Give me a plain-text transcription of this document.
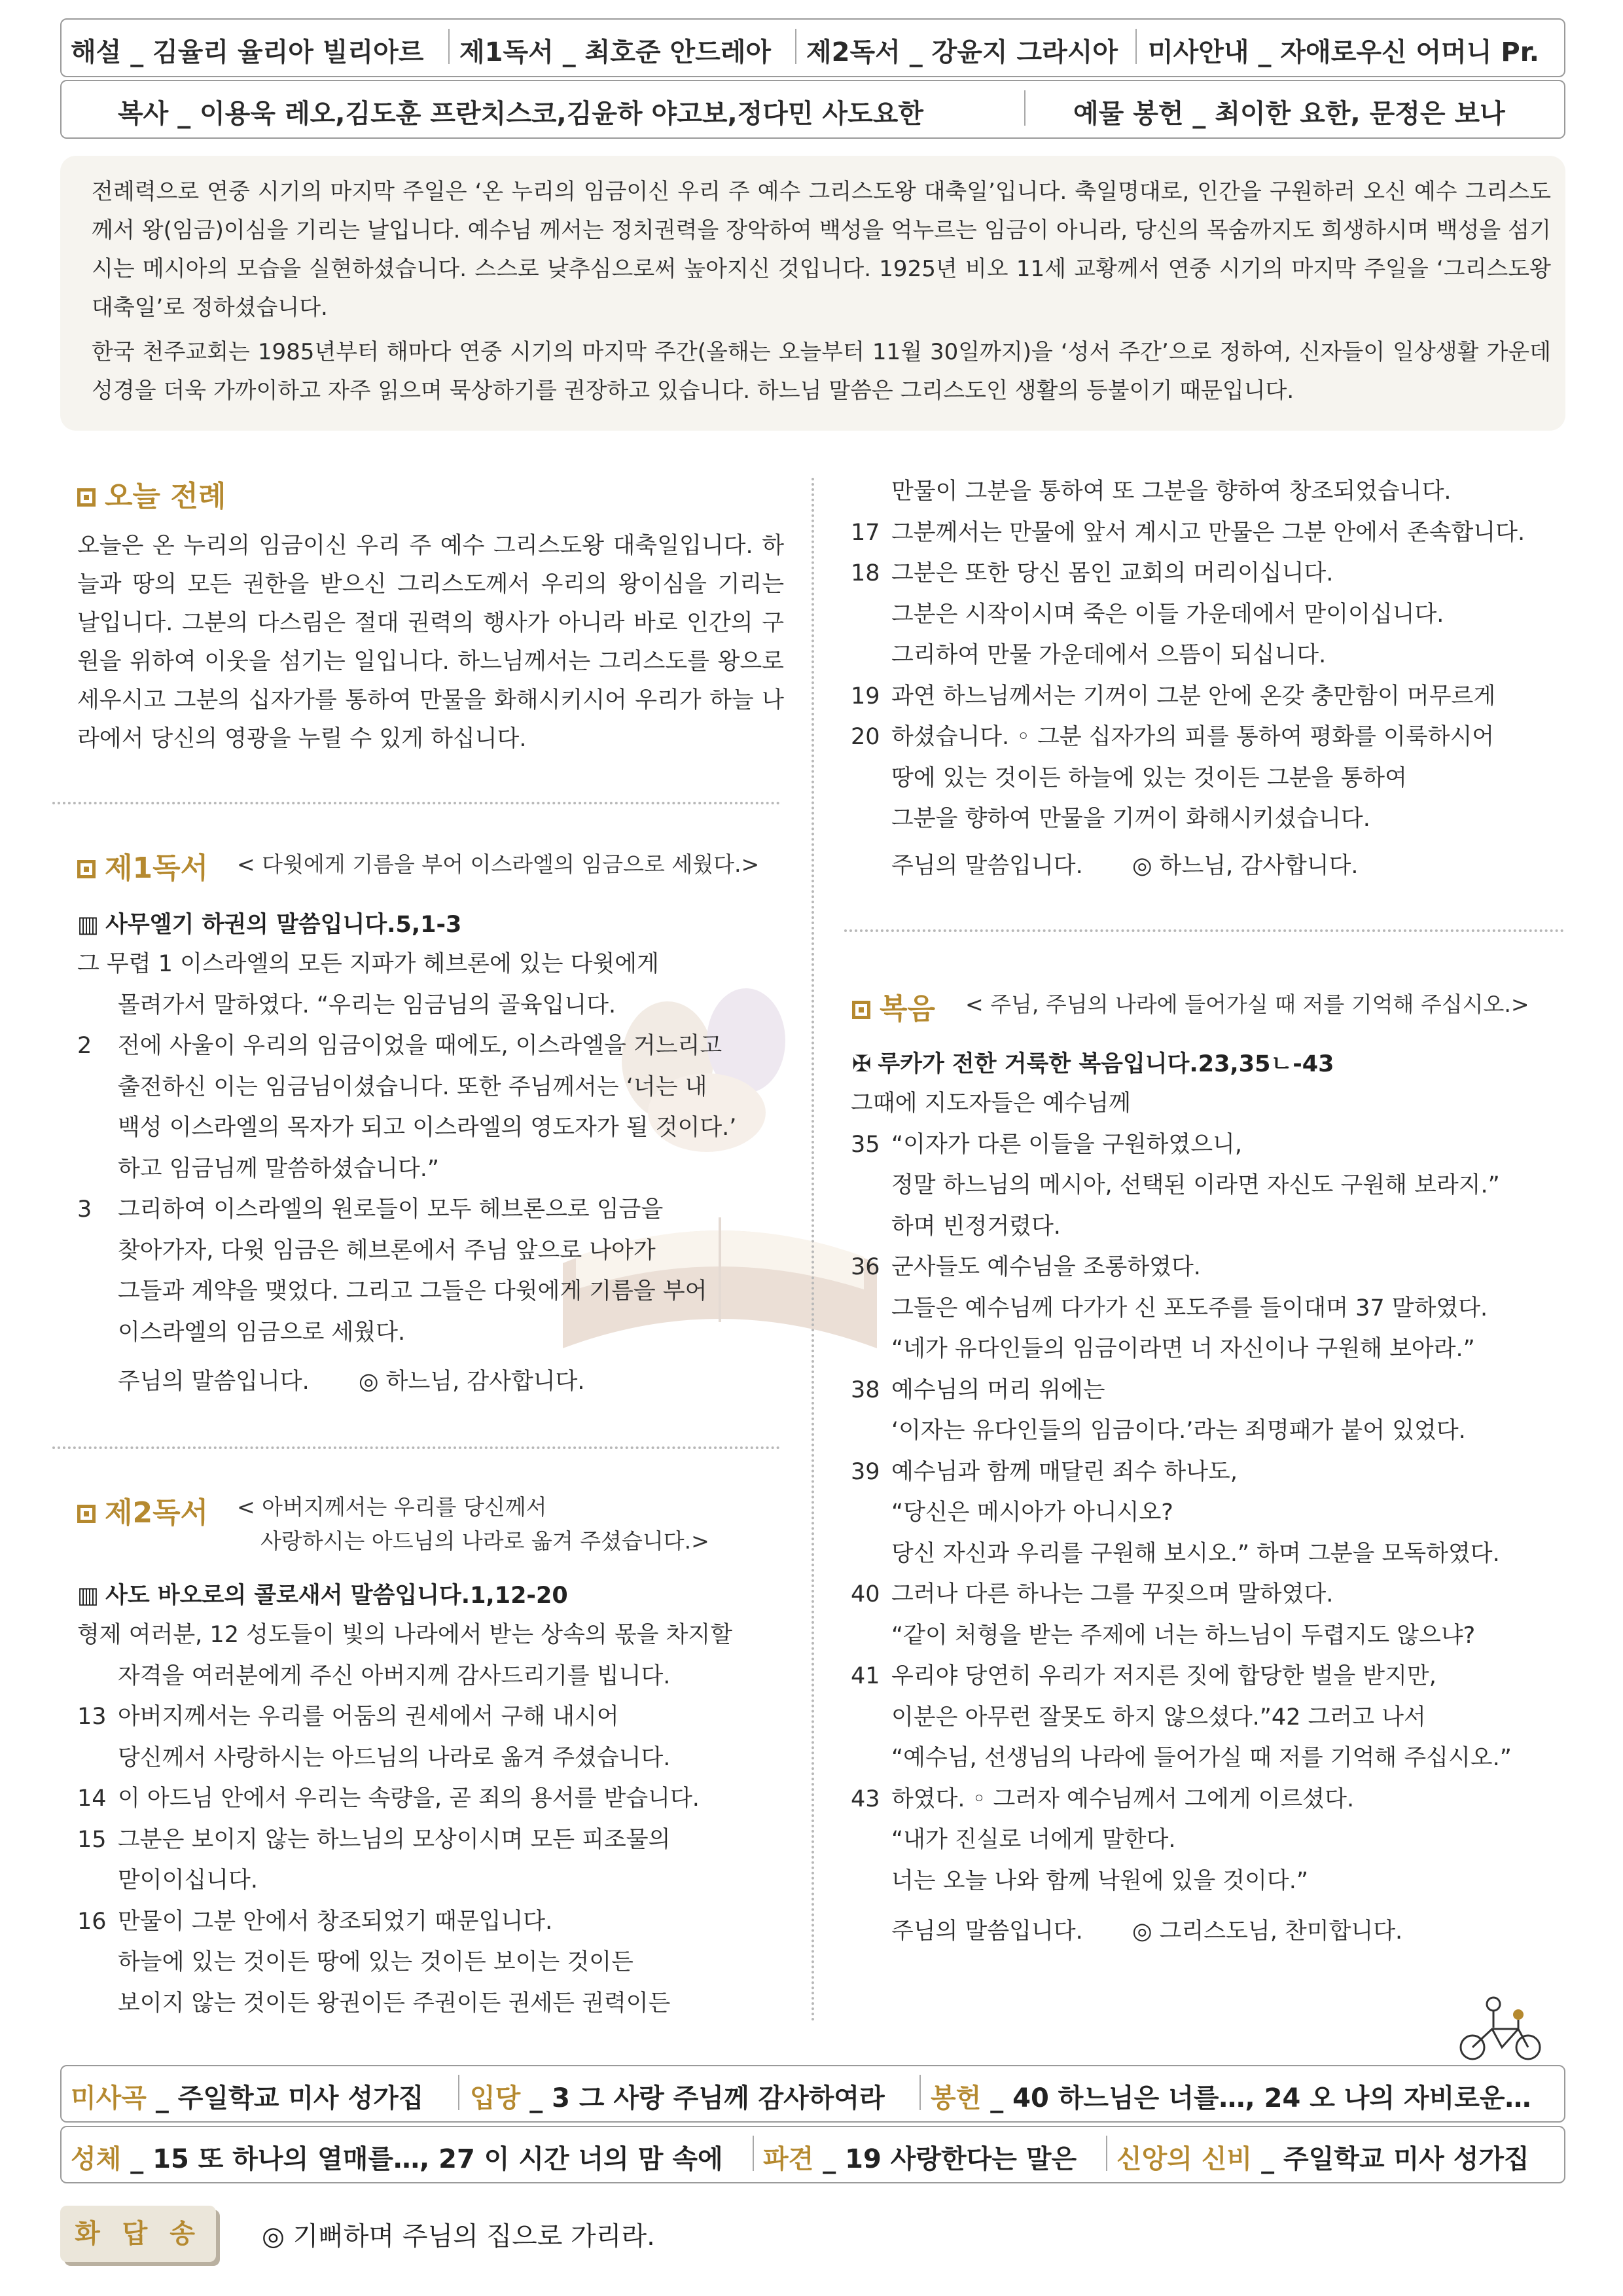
해설 _ 김율리 율리아 빌리아르 제1독서 _ 최호준 안드레아 제2독서 _ 강윤지 그라시아 미사안내 _ 자애로우신 어머니 Pr.
복사 _ 이용욱 레오,김도훈 프란치스코,김윤하 야고보,정다민 사도요한	예물 봉헌 _ 최이한 요한, 문정은 보나
전례력으로 연중 시기의 마지막 주일은 ‘온 누리의 임금이신 우리 주 예수 그리스도왕 대축일’입니다. 축일명대로, 인간을 구원하러 오신 예수 그리스도께서 왕(임금)이심을 기리는 날입니다. 예수님 께서는 정치권력을 장악하여 백성을 억누르는 임금이 아니라, 당신의 목숨까지도 희생하시며 백성을 섬기시는 메시아의 모습을 실현하셨습니다. 스스로 낮추심으로써 높아지신 것입니다. 1925년 비오 11세 교황께서 연중 시기의 마지막 주일을 ‘그리스도왕 대축일’로 정하셨습니다.
한국 천주교회는 1985년부터 해마다 연중 시기의 마지막 주간(올해는 오늘부터 11월 30일까지)을 ‘성서 주간’으로 정하여, 신자들이 일상생활 가운데 성경을 더욱 가까이하고 자주 읽으며 묵상하기를 권장하고 있습니다. 하느님 말씀은 그리스도인 생활의 등불이기 때문입니다.
오늘 전례
오늘은 온 누리의 임금이신 우리 주 예수 그리스도왕 대축일입니다. 하늘과 땅의 모든 권한을 받으신 그리스도께서 우리의 왕이심을 기리는 날입니다. 그분의 다스림은 절대 권력의 행사가 아니라 바로 인간의 구원을 위하여 이웃을 섬기는 일입니다. 하느님께서는 그리스도를 왕으로 세우시고 그분의 십자가를 통하여 만물을 화해시키시어 우리가 하늘 나라에서 당신의 영광을 누릴 수 있게 하십니다.
제1독서 < 다윗에게 기름을 부어 이스라엘의 임금으로 세웠다.>
▥ 사무엘기 하권의 말씀입니다.5,1-3
그 무렵 1 이스라엘의 모든 지파가 헤브론에 있는 다윗에게
몰려가서 말하였다. “우리는 임금님의 골육입니다.
2 전에 사울이 우리의 임금이었을 때에도, 이스라엘을 거느리고
출전하신 이는 임금님이셨습니다. 또한 주님께서는 ‘너는 내
백성 이스라엘의 목자가 되고 이스라엘의 영도자가 될 것이다.’
하고 임금님께 말씀하셨습니다.”
3 그리하여 이스라엘의 원로들이 모두 헤브론으로 임금을
찾아가자, 다윗 임금은 헤브론에서 주님 앞으로 나아가
그들과 계약을 맺었다. 그리고 그들은 다윗에게 기름을 부어
이스라엘의 임금으로 세웠다.
주님의 말씀입니다. ◎ 하느님, 감사합니다.
제2독서 < 아버지께서는 우리를 당신께서
사랑하시는 아드님의 나라로 옮겨 주셨습니다.>
▥ 사도 바오로의 콜로새서 말씀입니다.1,12-20
형제 여러분, 12 성도들이 빛의 나라에서 받는 상속의 몫을 차지할
자격을 여러분에게 주신 아버지께 감사드리기를 빕니다.
13 아버지께서는 우리를 어둠의 권세에서 구해 내시어
당신께서 사랑하시는 아드님의 나라로 옮겨 주셨습니다.
14 이 아드님 안에서 우리는 속량을, 곧 죄의 용서를 받습니다.
15 그분은 보이지 않는 하느님의 모상이시며 모든 피조물의
맏이이십니다.
16 만물이 그분 안에서 창조되었기 때문입니다.
하늘에 있는 것이든 땅에 있는 것이든 보이는 것이든
보이지 않는 것이든 왕권이든 주권이든 권세든 권력이든
만물이 그분을 통하여 또 그분을 향하여 창조되었습니다.
17 그분께서는 만물에 앞서 계시고 만물은 그분 안에서 존속합니다.
18 그분은 또한 당신 몸인 교회의 머리이십니다.
그분은 시작이시며 죽은 이들 가운데에서 맏이이십니다.
그리하여 만물 가운데에서 으뜸이 되십니다.
19 과연 하느님께서는 기꺼이 그분 안에 온갖 충만함이 머무르게
20 하셨습니다. ◦ 그분 십자가의 피를 통하여 평화를 이룩하시어
땅에 있는 것이든 하늘에 있는 것이든 그분을 통하여
그분을 향하여 만물을 기꺼이 화해시키셨습니다.
주님의 말씀입니다. ◎ 하느님, 감사합니다.
복음 < 주님, 주님의 나라에 들어가실 때 저를 기억해 주십시오.>
✠ 루카가 전한 거룩한 복음입니다.23,35ㄴ-43
그때에 지도자들은 예수님께
35 “이자가 다른 이들을 구원하였으니,
정말 하느님의 메시아, 선택된 이라면 자신도 구원해 보라지.”
하며 빈정거렸다.
36 군사들도 예수님을 조롱하였다.
그들은 예수님께 다가가 신 포도주를 들이대며 37 말하였다.
“네가 유다인들의 임금이라면 너 자신이나 구원해 보아라.”
38 예수님의 머리 위에는
‘이자는 유다인들의 임금이다.’라는 죄명패가 붙어 있었다.
39 예수님과 함께 매달린 죄수 하나도,
“당신은 메시아가 아니시오?
당신 자신과 우리를 구원해 보시오.” 하며 그분을 모독하였다.
40 그러나 다른 하나는 그를 꾸짖으며 말하였다.
“같이 처형을 받는 주제에 너는 하느님이 두렵지도 않으냐?
41 우리야 당연히 우리가 저지른 짓에 합당한 벌을 받지만,
이분은 아무런 잘못도 하지 않으셨다.”42 그러고 나서
“예수님, 선생님의 나라에 들어가실 때 저를 기억해 주십시오.”
43 하였다. ◦ 그러자 예수님께서 그에게 이르셨다.
“내가 진실로 너에게 말한다.
너는 오늘 나와 함께 낙원에 있을 것이다.”
주님의 말씀입니다. ◎ 그리스도님, 찬미합니다.
미사곡 _ 주일학교 미사 성가집 입당 _ 3 그 사랑 주님께 감사하여라 봉헌 _ 40 하느님은 너를…, 24 오 나의 자비로운…
성체 _ 15 또 하나의 열매를…, 27 이 시간 너의 맘 속에 파견 _ 19 사랑한다는 말은 신앙의 신비 _ 주일학교 미사 성가집
화 답 송	◎ 기뻐하며 주님의 집으로 가리라.
